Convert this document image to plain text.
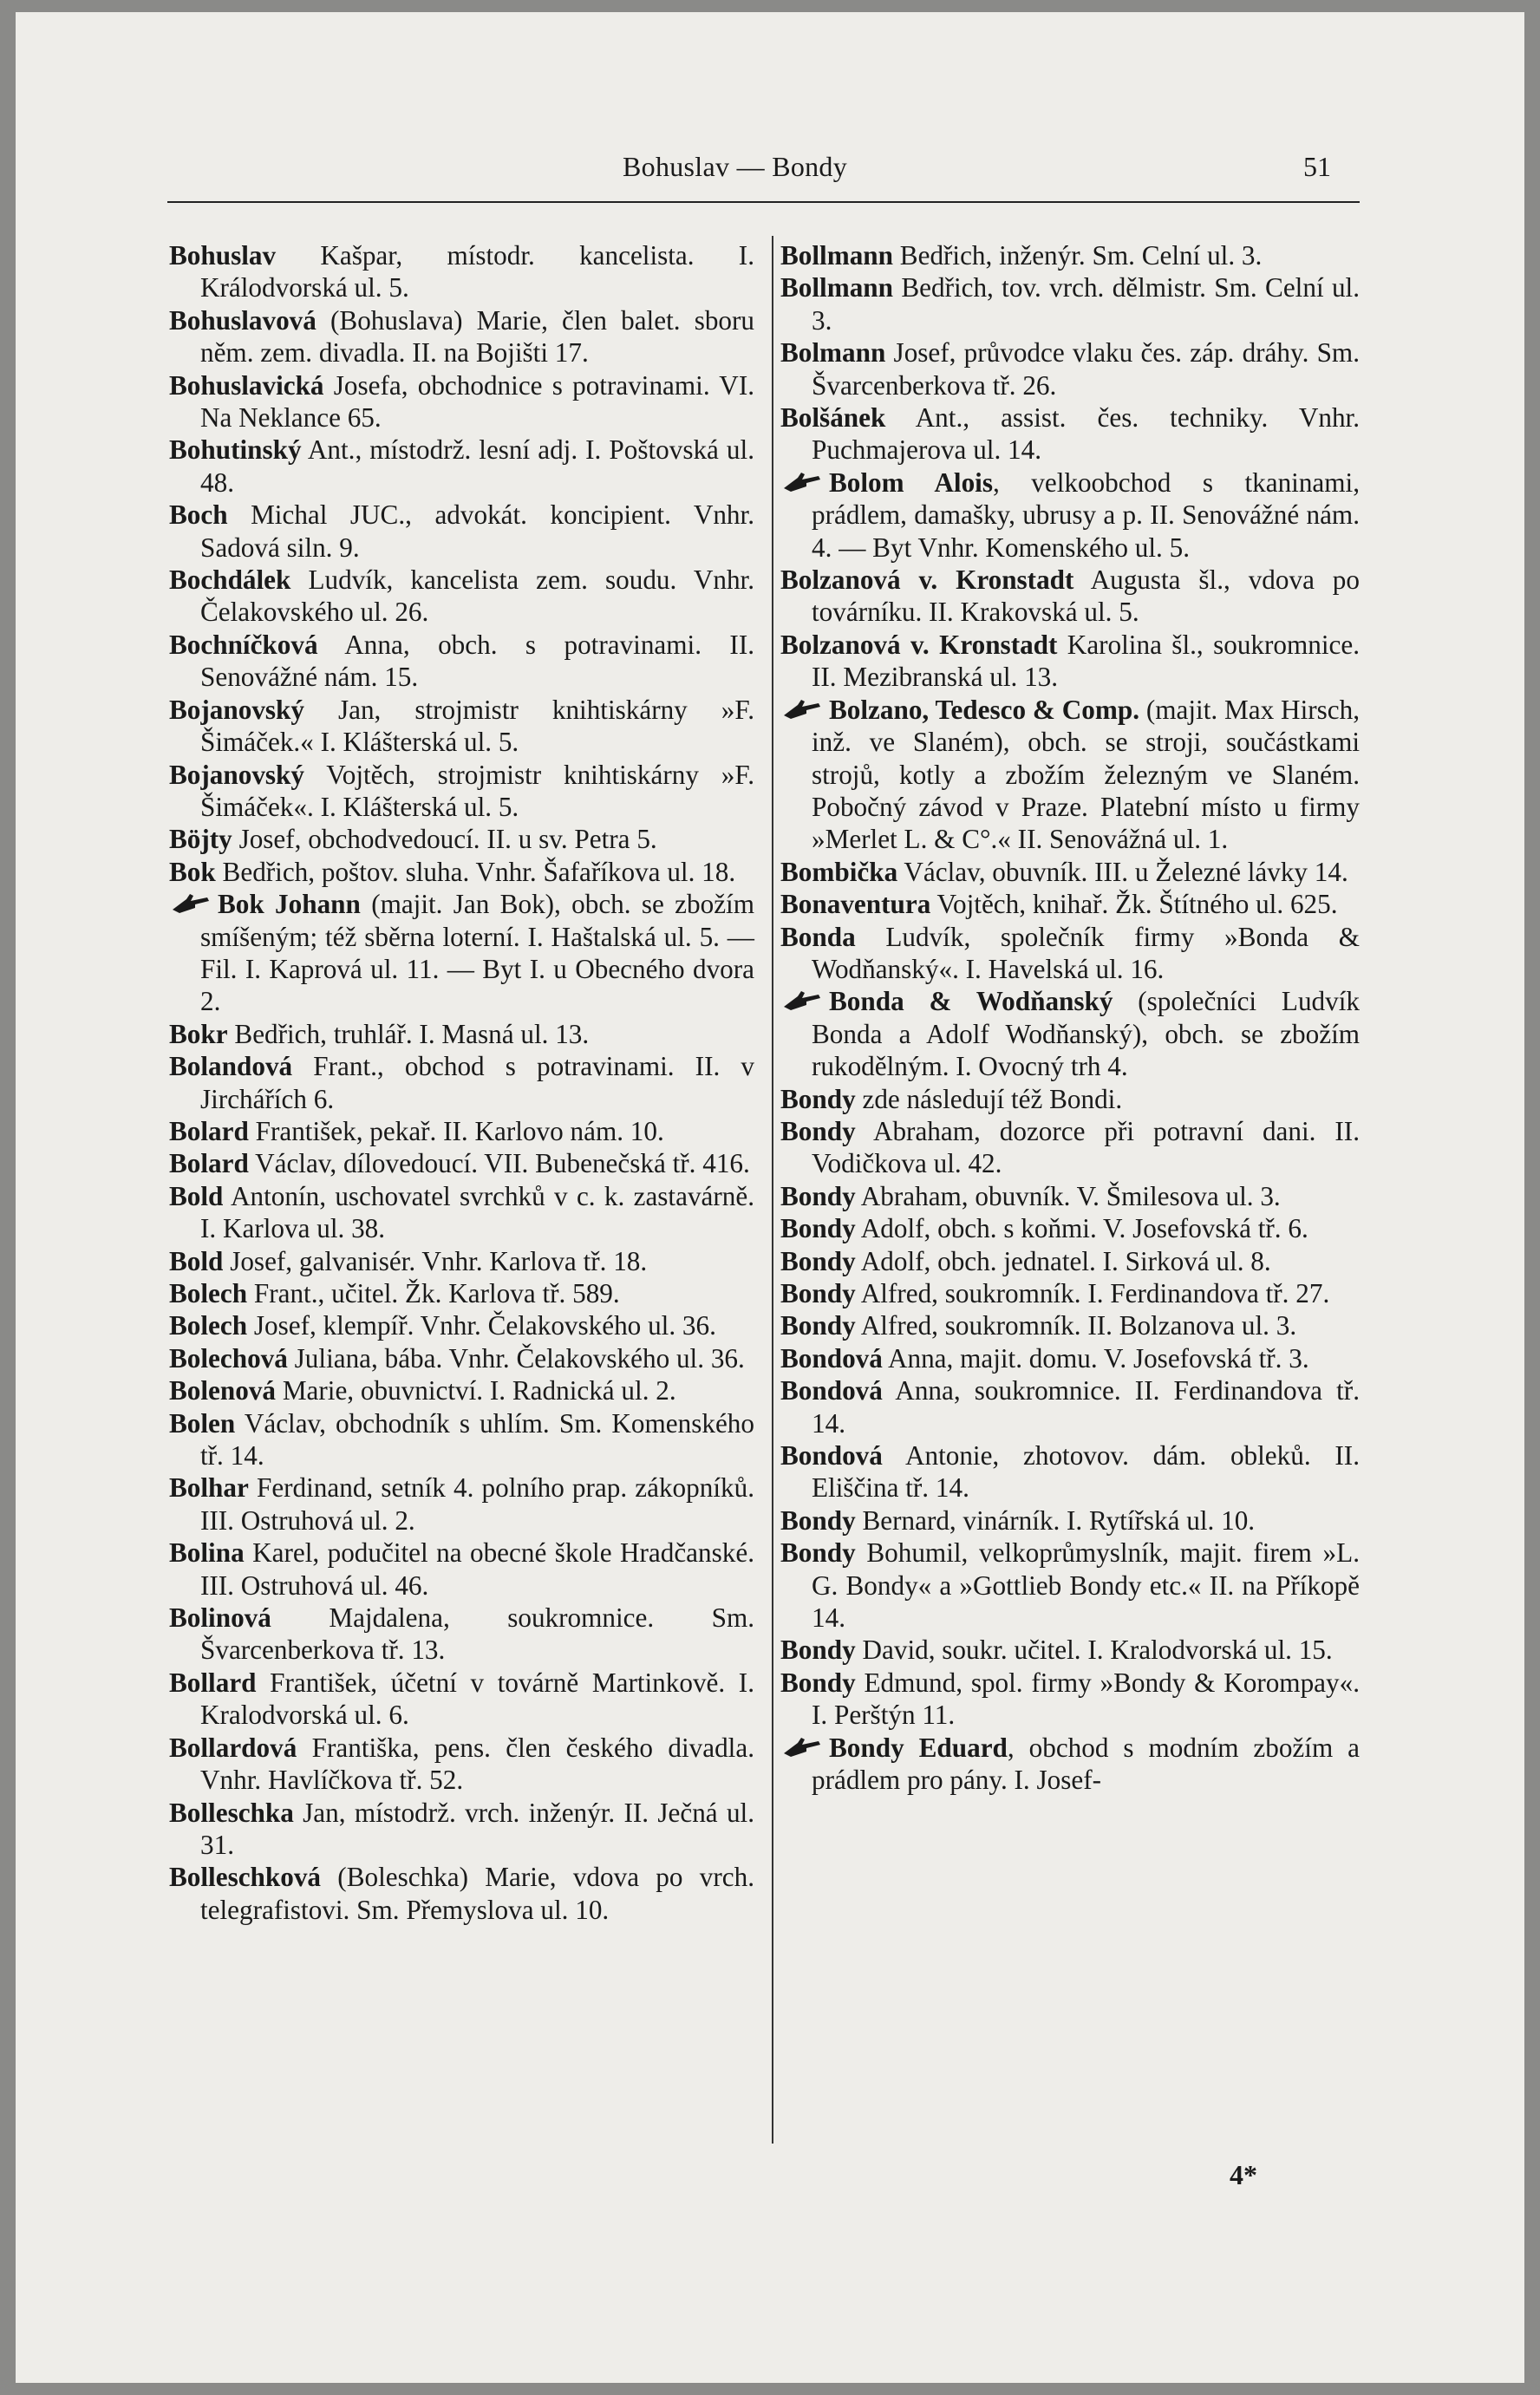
Bohuslav — Bondy	51

Bohuslav Kašpar, místodr. kancelista. I. Králodvorská ul. 5.

Bohuslavová (Bohuslava) Marie, člen balet. sboru něm. zem. divadla. II. na Bojišti 17.

Bohuslavická Josefa, obchodnice s potravinami. VI. Na Neklance 65.

Bohutinský Ant., místodrž. lesní adj. I. Poštovská ul. 48.

Boch Michal JUC., advokát. koncipient. Vnhr. Sadová siln. 9.

Bochdálek Ludvík, kancelista zem. soudu. Vnhr. Čelakovského ul. 26.

Bochníčková Anna, obch. s potravinami. II. Senovážné nám. 15.

Bojanovský Jan, strojmistr knihtiskárny »F. Šimáček.« I. Klášterská ul. 5.

Bojanovský Vojtěch, strojmistr knihtiskárny »F. Šimáček«. I. Klášterská ul. 5.

Böjty Josef, obchodvedoucí. II. u sv. Petra 5.

Bok Bedřich, poštov. sluha. Vnhr. Šafaříkova ul. 18.

Bok Johann (majit. Jan Bok), obch. se zbožím smíšeným; též sběrna loterní. I. Haštalská ul. 5. — Fil. I. Kaprová ul. 11. — Byt I. u Obecného dvora 2.

Bokr Bedřich, truhlář. I. Masná ul. 13.

Bolandová Frant., obchod s potravinami. II. v Jirchářích 6.

Bolard František, pekař. II. Karlovo nám. 10.

Bolard Václav, dílovedoucí. VII. Bubenečská tř. 416.

Bold Antonín, uschovatel svrchků v c. k. zastavárně. I. Karlova ul. 38.

Bold Josef, galvanisér. Vnhr. Karlova tř. 18.

Bolech Frant., učitel. Žk. Karlova tř. 589.

Bolech Josef, klempíř. Vnhr. Čelakovského ul. 36.

Bolechová Juliana, bába. Vnhr. Čelakovského ul. 36.

Bolenová Marie, obuvnictví. I. Radnická ul. 2.

Bolen Václav, obchodník s uhlím. Sm. Komenského tř. 14.

Bolhar Ferdinand, setník 4. polního prap. zákopníků. III. Ostruhová ul. 2.

Bolina Karel, podučitel na obecné škole Hradčanské. III. Ostruhová ul. 46.

Bolinová Majdalena, soukromnice. Sm. Švarcenberkova tř. 13.

Bollard František, účetní v továrně Martinkově. I. Kralodvorská ul. 6.

Bollardová Františka, pens. člen českého divadla. Vnhr. Havlíčkova tř. 52.

Bolleschka Jan, místodrž. vrch. inženýr. II. Ječná ul. 31.

Bolleschková (Boleschka) Marie, vdova po vrch. telegrafistovi. Sm. Přemyslova ul. 10.

Bollmann Bedřich, inženýr. Sm. Celní ul. 3.

Bollmann Bedřich, tov. vrch. dělmistr. Sm. Celní ul. 3.

Bolmann Josef, průvodce vlaku čes. záp. dráhy. Sm. Švarcenberkova tř. 26.

Bolšánek Ant., assist. čes. techniky. Vnhr. Puchmajerova ul. 14.

Bolom Alois, velkoobchod s tkaninami, prádlem, damašky, ubrusy a p. II. Senovážné nám. 4. — Byt Vnhr. Komenského ul. 5.

Bolzanová v. Kronstadt Augusta šl., vdova po továrníku. II. Krakovská ul. 5.

Bolzanová v. Kronstadt Karolina šl., soukromnice. II. Mezibranská ul. 13.

Bolzano, Tedesco & Comp. (majit. Max Hirsch, inž. ve Slaném), obch. se stroji, součástkami strojů, kotly a zbožím železným ve Slaném. Pobočný závod v Praze. Platební místo u firmy »Merlet L. & C°.« II. Senovážná ul. 1.

Bombička Václav, obuvník. III. u Železné lávky 14.

Bonaventura Vojtěch, knihař. Žk. Štítného ul. 625.

Bonda Ludvík, společník firmy »Bonda & Wodňanský«. I. Havelská ul. 16.

Bonda & Wodňanský (společníci Ludvík Bonda a Adolf Wodňanský), obch. se zbožím rukodělným. I. Ovocný trh 4.

Bondy zde následují též Bondi.

Bondy Abraham, dozorce při potravní dani. II. Vodičkova ul. 42.

Bondy Abraham, obuvník. V. Šmilesova ul. 3.

Bondy Adolf, obch. s koňmi. V. Josefovská tř. 6.

Bondy Adolf, obch. jednatel. I. Sirková ul. 8.

Bondy Alfred, soukromník. I. Ferdinandova tř. 27.

Bondy Alfred, soukromník. II. Bolzanova ul. 3.

Bondová Anna, majit. domu. V. Josefovská tř. 3.

Bondová Anna, soukromnice. II. Ferdinandova tř. 14.

Bondová Antonie, zhotovov. dám. obleků. II. Eliščina tř. 14.

Bondy Bernard, vinárník. I. Rytířská ul. 10.

Bondy Bohumil, velkoprůmyslník, majit. firem »L. G. Bondy« a »Gottlieb Bondy etc.« II. na Příkopě 14.

Bondy David, soukr. učitel. I. Kralodvorská ul. 15.

Bondy Edmund, spol. firmy »Bondy & Korompay«. I. Perštýn 11.

Bondy Eduard, obchod s modním zbožím a prádlem pro pány. I. Josef-

4*
